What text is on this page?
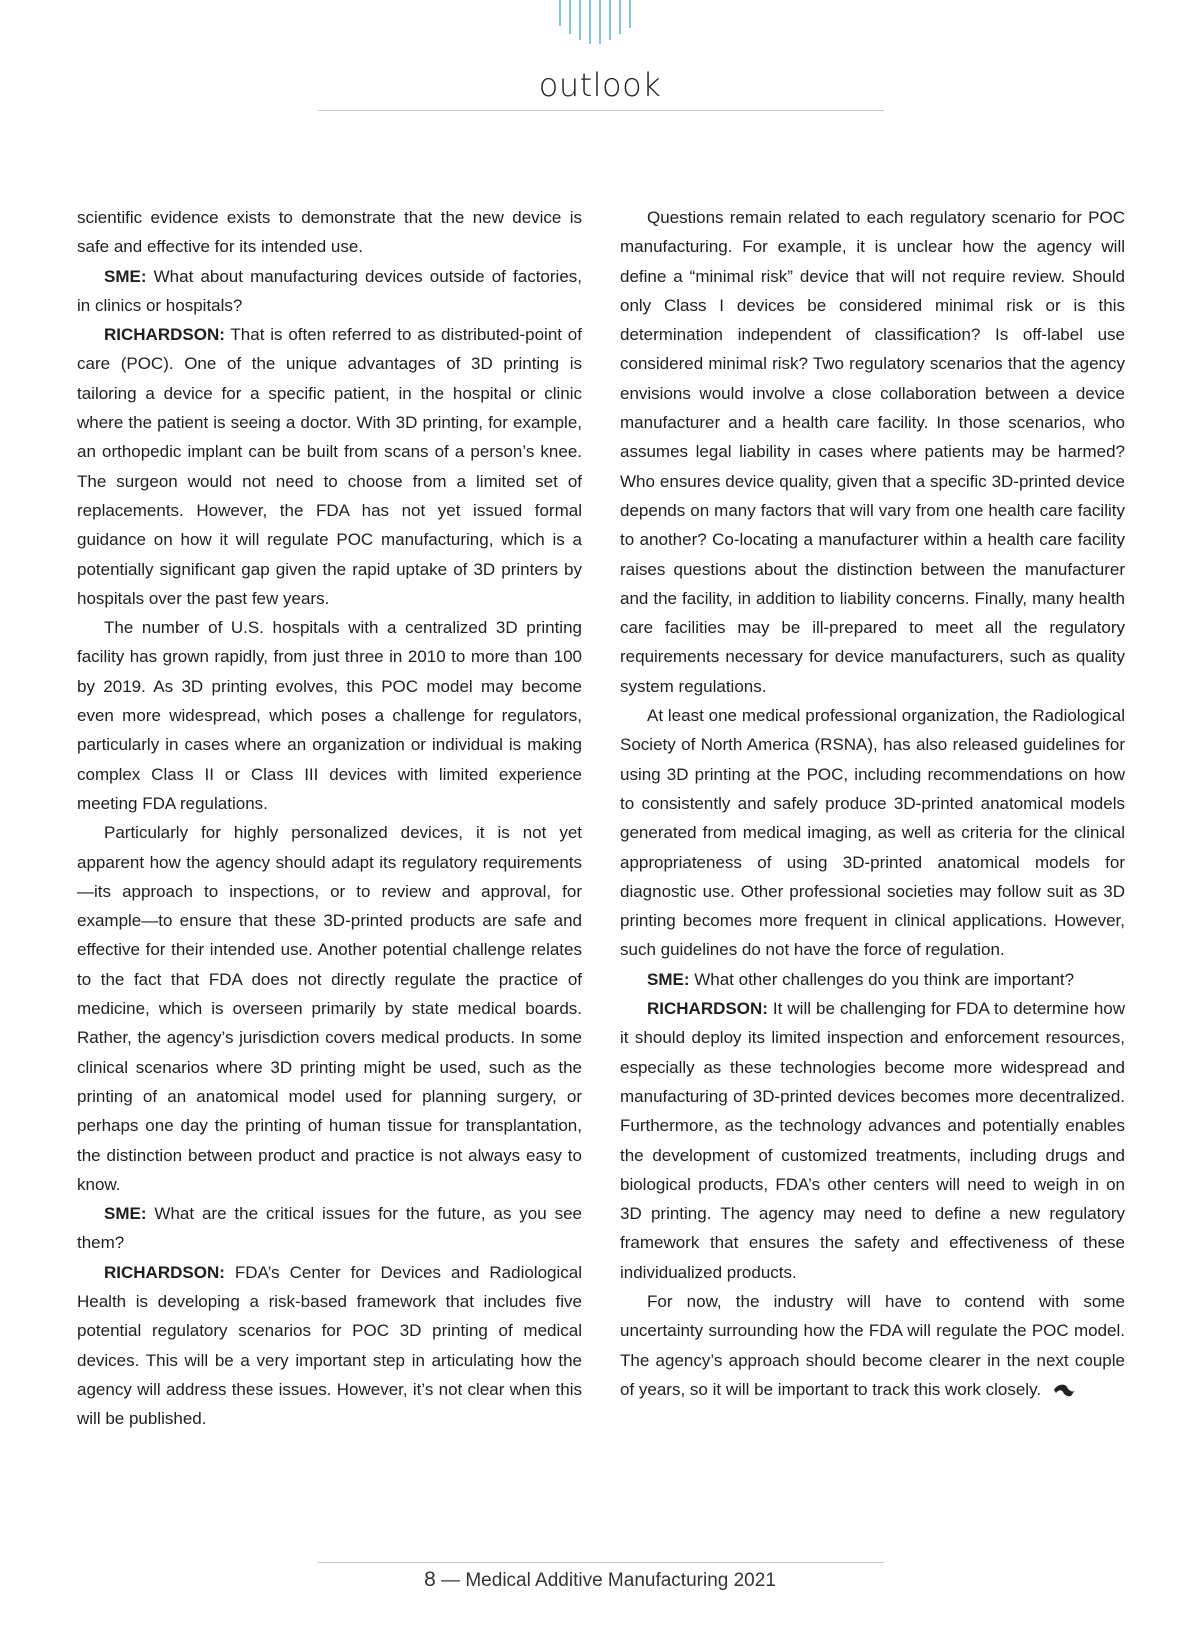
outlook

scientific evidence exists to demonstrate that the new device is safe and effective for its intended use.

SME: What about manufacturing devices outside of factories, in clinics or hospitals?

RICHARDSON: That is often referred to as distributed-point of care (POC). One of the unique advantages of 3D printing is tailoring a device for a specific patient, in the hospital or clinic where the patient is seeing a doctor. With 3D printing, for example, an orthopedic implant can be built from scans of a person’s knee. The surgeon would not need to choose from a limited set of replacements. However, the FDA has not yet issued formal guidance on how it will regulate POC manufacturing, which is a potentially significant gap given the rapid uptake of 3D printers by hospitals over the past few years.

The number of U.S. hospitals with a centralized 3D printing facility has grown rapidly, from just three in 2010 to more than 100 by 2019. As 3D printing evolves, this POC model may become even more widespread, which poses a challenge for regulators, particularly in cases where an organization or individual is making complex Class II or Class III devices with limited experience meeting FDA regulations.

Particularly for highly personalized devices, it is not yet apparent how the agency should adapt its regulatory requirements—its approach to inspections, or to review and approval, for example—to ensure that these 3D-printed products are safe and effective for their intended use. Another potential challenge relates to the fact that FDA does not directly regulate the practice of medicine, which is overseen primarily by state medical boards. Rather, the agency’s jurisdiction covers medical products. In some clinical scenarios where 3D printing might be used, such as the printing of an anatomical model used for planning surgery, or perhaps one day the printing of human tissue for transplantation, the distinction between product and practice is not always easy to know.

SME: What are the critical issues for the future, as you see them?

RICHARDSON: FDA’s Center for Devices and Radiological Health is developing a risk-based framework that includes five potential regulatory scenarios for POC 3D printing of medical devices. This will be a very important step in articulating how the agency will address these issues. However, it’s not clear when this will be published.

Questions remain related to each regulatory scenario for POC manufacturing. For example, it is unclear how the agency will define a “minimal risk” device that will not require review. Should only Class I devices be considered minimal risk or is this determination independent of classification? Is off-label use considered minimal risk? Two regulatory scenarios that the agency envisions would involve a close collaboration between a device manufacturer and a health care facility. In those scenarios, who assumes legal liability in cases where patients may be harmed? Who ensures device quality, given that a specific 3D-printed device depends on many factors that will vary from one health care facility to another? Co-locating a manufacturer within a health care facility raises questions about the distinction between the manufacturer and the facility, in addition to liability concerns. Finally, many health care facilities may be ill-prepared to meet all the regulatory requirements necessary for device manufacturers, such as quality system regulations.

At least one medical professional organization, the Radiological Society of North America (RSNA), has also released guidelines for using 3D printing at the POC, including recommendations on how to consistently and safely produce 3D-printed anatomical models generated from medical imaging, as well as criteria for the clinical appropriateness of using 3D-printed anatomical models for diagnostic use. Other professional societies may follow suit as 3D printing becomes more frequent in clinical applications. However, such guidelines do not have the force of regulation.

SME: What other challenges do you think are important?

RICHARDSON: It will be challenging for FDA to determine how it should deploy its limited inspection and enforcement resources, especially as these technologies become more widespread and manufacturing of 3D-printed devices becomes more decentralized. Furthermore, as the technology advances and potentially enables the development of customized treatments, including drugs and biological products, FDA’s other centers will need to weigh in on 3D printing. The agency may need to define a new regulatory framework that ensures the safety and effectiveness of these individualized products.

For now, the industry will have to contend with some uncertainty surrounding how the FDA will regulate the POC model. The agency’s approach should become clearer in the next couple of years, so it will be important to track this work closely.

8 — Medical Additive Manufacturing 2021
